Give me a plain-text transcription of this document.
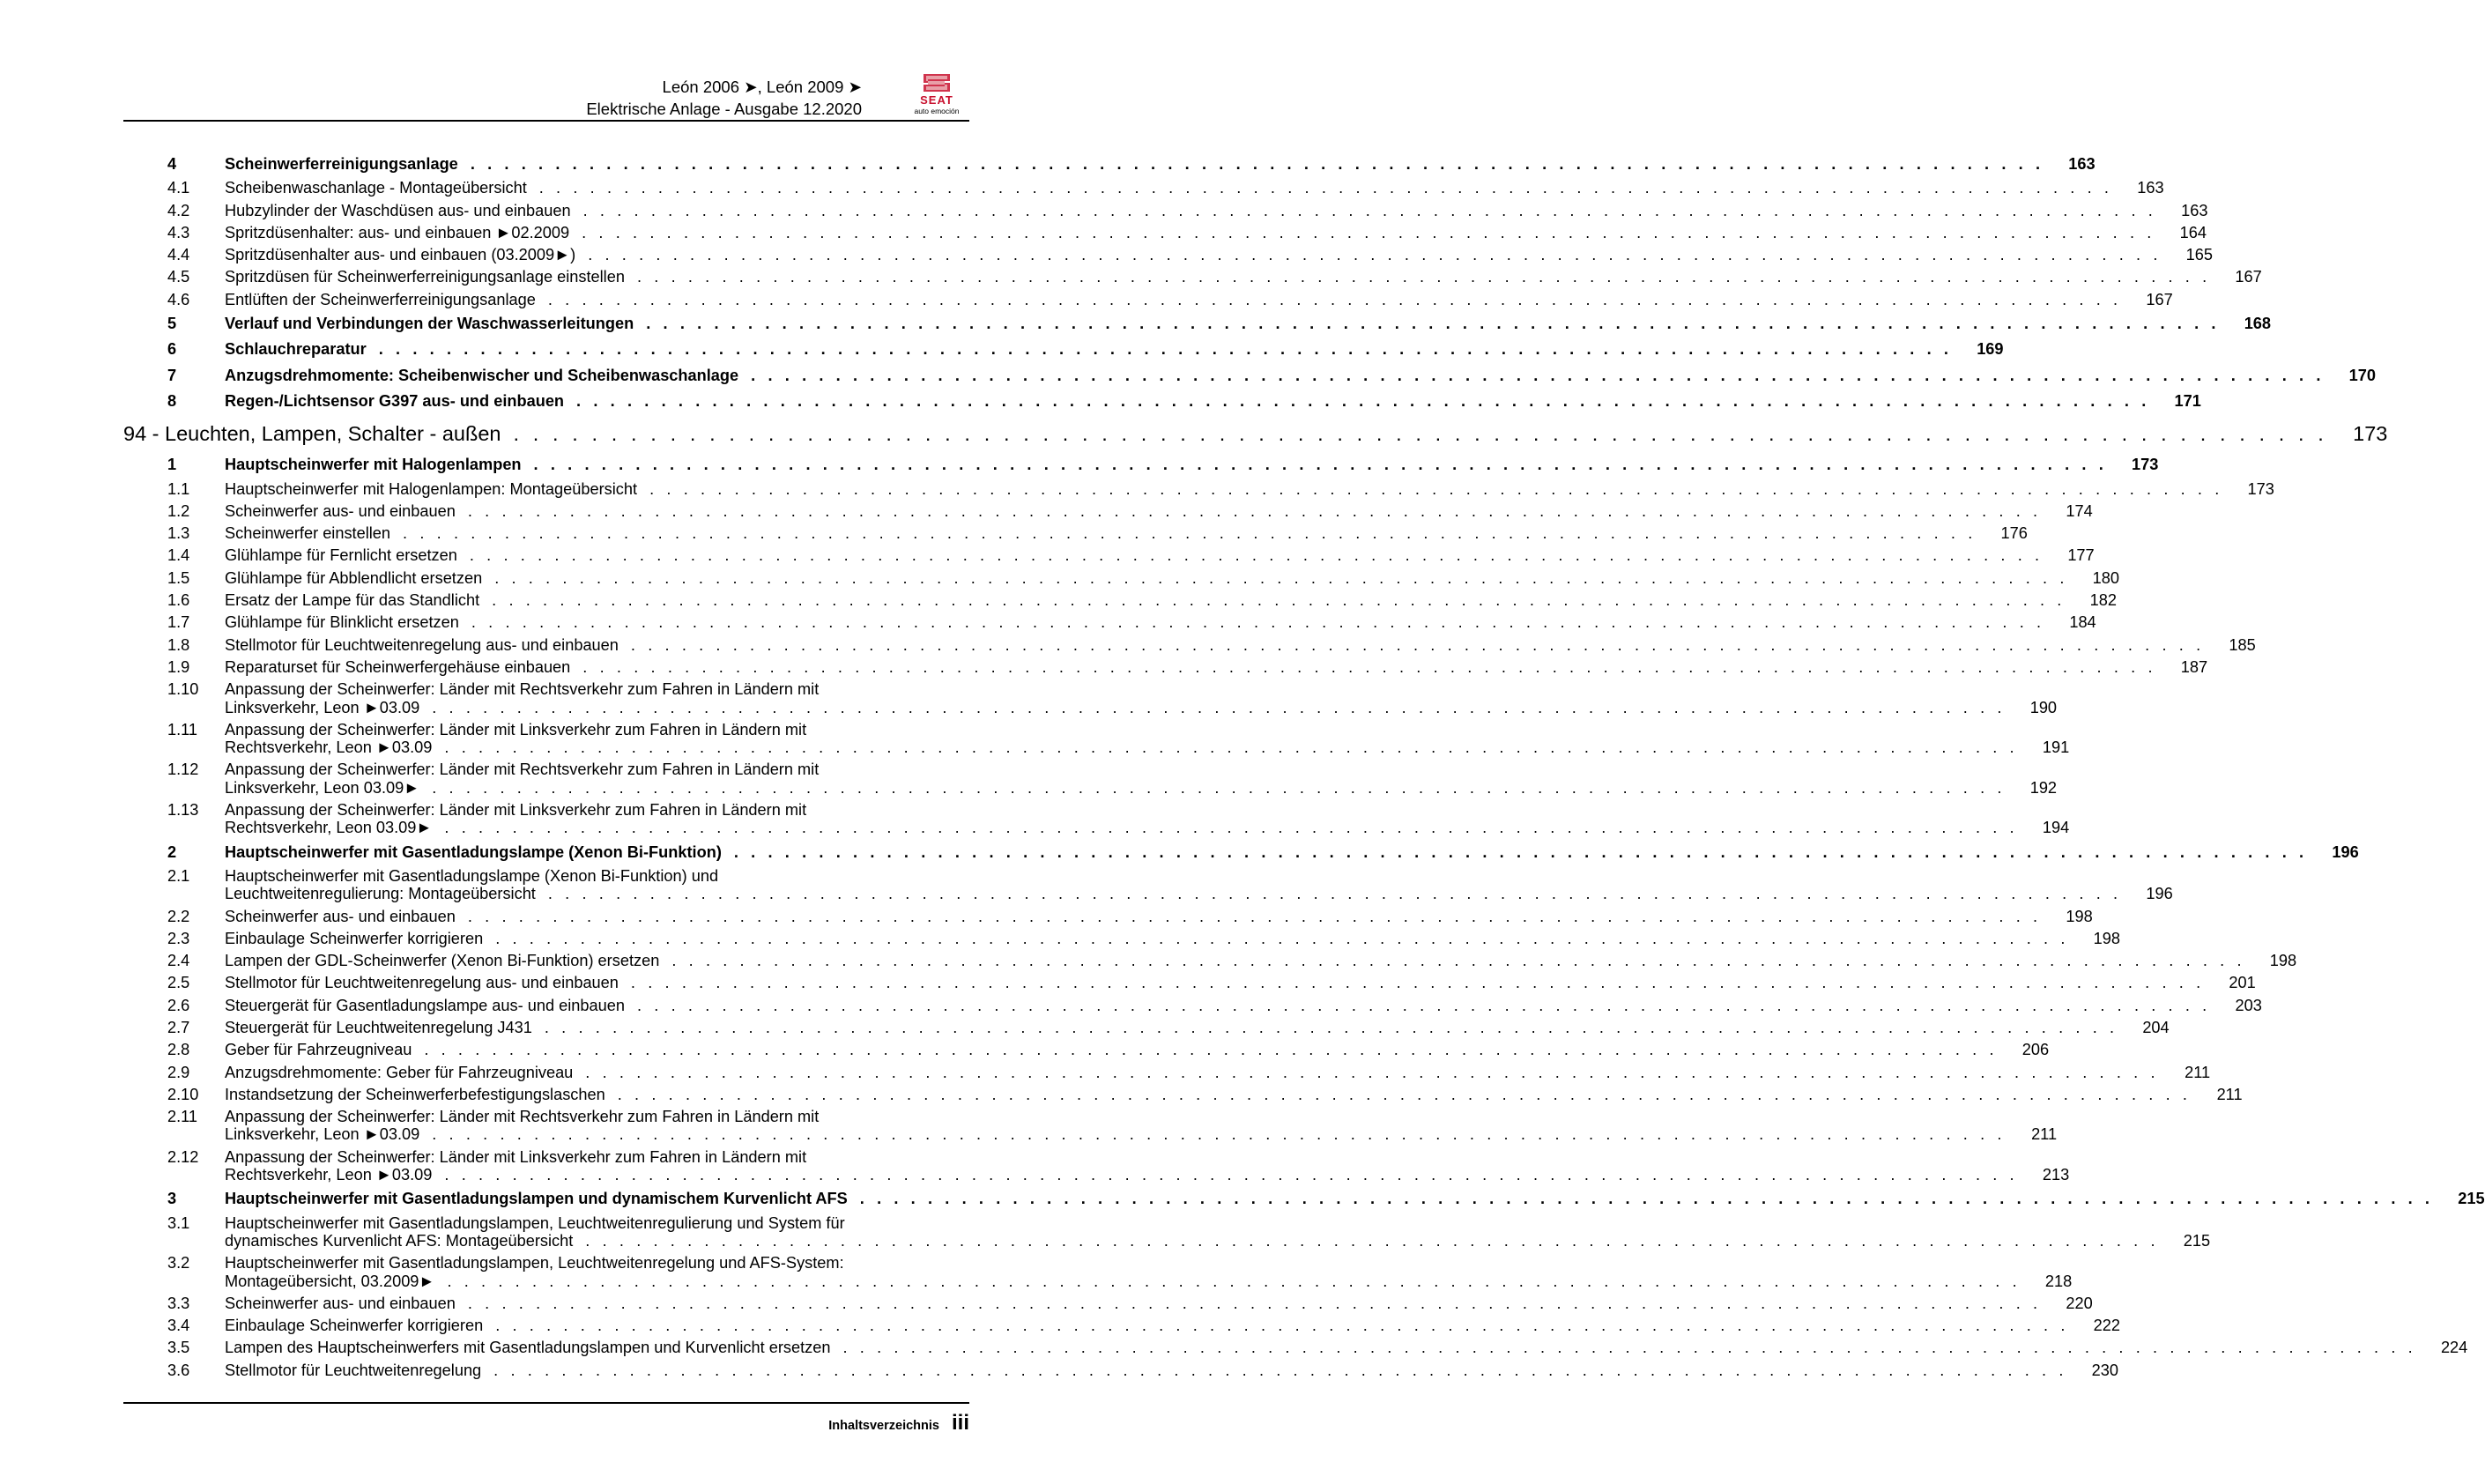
León 2006 ➤, León 2009 ➤
Elektrische Anlage - Ausgabe 12.2020	SEAT
auto emoción
4	Scheinwerferreinigungsanlage . . . . . . . . . . . . . . . . . . . . . . . . . . . . . . . . . . . . . . . . . . . . . . . . . . . . . . . . . . . . . . . . . . . . . . . . . . . . . . . . . . . . . . . . . . . . .	163
4.1	Scheibenwaschanlage - Montageübersicht . . . . . . . . . . . . . . . . . . . . . . . . . . . . . . . . . . . . . . . . . . . . . . . . . . . . . . . . . . . . . . . . . . . . . . . . . . . . . . . . . . . . . . . . . . . . .	163
4.2	Hubzylinder der Waschdüsen aus- und einbauen . . . . . . . . . . . . . . . . . . . . . . . . . . . . . . . . . . . . . . . . . . . . . . . . . . . . . . . . . . . . . . . . . . . . . . . . . . . . . . . . . . . . . . . . . . . . .	163
4.3	Spritzdüsenhalter: aus- und einbauen ►02.2009 . . . . . . . . . . . . . . . . . . . . . . . . . . . . . . . . . . . . . . . . . . . . . . . . . . . . . . . . . . . . . . . . . . . . . . . . . . . . . . . . . . . . . . . . . . . . .	164
4.4	Spritzdüsenhalter aus- und einbauen (03.2009►) . . . . . . . . . . . . . . . . . . . . . . . . . . . . . . . . . . . . . . . . . . . . . . . . . . . . . . . . . . . . . . . . . . . . . . . . . . . . . . . . . . . . . . . . . . . . .	165
4.5	Spritzdüsen für Scheinwerferreinigungsanlage einstellen . . . . . . . . . . . . . . . . . . . . . . . . . . . . . . . . . . . . . . . . . . . . . . . . . . . . . . . . . . . . . . . . . . . . . . . . . . . . . . . . . . . . . . . . . . . . .	167
4.6	Entlüften der Scheinwerferreinigungsanlage . . . . . . . . . . . . . . . . . . . . . . . . . . . . . . . . . . . . . . . . . . . . . . . . . . . . . . . . . . . . . . . . . . . . . . . . . . . . . . . . . . . . . . . . . . . . .	167
5	Verlauf und Verbindungen der Waschwasserleitungen . . . . . . . . . . . . . . . . . . . . . . . . . . . . . . . . . . . . . . . . . . . . . . . . . . . . . . . . . . . . . . . . . . . . . . . . . . . . . . . . . . . . . . . . . . . . .	168
6	Schlauchreparatur . . . . . . . . . . . . . . . . . . . . . . . . . . . . . . . . . . . . . . . . . . . . . . . . . . . . . . . . . . . . . . . . . . . . . . . . . . . . . . . . . . . . . . . . . . . . .	169
7	Anzugsdrehmomente: Scheibenwischer und Scheibenwaschanlage . . . . . . . . . . . . . . . . . . . . . . . . . . . . . . . . . . . . . . . . . . . . . . . . . . . . . . . . . . . . . . . . . . . . . . . . . . . . . . . . . . . . . . . . . . . . .	170
8	Regen-/Lichtsensor G397 aus- und einbauen . . . . . . . . . . . . . . . . . . . . . . . . . . . . . . . . . . . . . . . . . . . . . . . . . . . . . . . . . . . . . . . . . . . . . . . . . . . . . . . . . . . . . . . . . . . . .	171
94 - Leuchten, Lampen, Schalter - außen . . . . . . . . . . . . . . . . . . . . . . . . . . . . . . . . . . . . . . . . . . . . . . . . . . . . . . . . . . . . . . . . . . . . . . . . . . . . . . . . . . . . . . . . . . . . .	173
1	Hauptscheinwerfer mit Halogenlampen . . . . . . . . . . . . . . . . . . . . . . . . . . . . . . . . . . . . . . . . . . . . . . . . . . . . . . . . . . . . . . . . . . . . . . . . . . . . . . . . . . . . . . . . . . . . .	173
1.1	Hauptscheinwerfer mit Halogenlampen: Montageübersicht . . . . . . . . . . . . . . . . . . . . . . . . . . . . . . . . . . . . . . . . . . . . . . . . . . . . . . . . . . . . . . . . . . . . . . . . . . . . . . . . . . . . . . . . . . . . .	173
1.2	Scheinwerfer aus- und einbauen . . . . . . . . . . . . . . . . . . . . . . . . . . . . . . . . . . . . . . . . . . . . . . . . . . . . . . . . . . . . . . . . . . . . . . . . . . . . . . . . . . . . . . . . . . . . .	174
1.3	Scheinwerfer einstellen . . . . . . . . . . . . . . . . . . . . . . . . . . . . . . . . . . . . . . . . . . . . . . . . . . . . . . . . . . . . . . . . . . . . . . . . . . . . . . . . . . . . . . . . . . . . .	176
1.4	Glühlampe für Fernlicht ersetzen . . . . . . . . . . . . . . . . . . . . . . . . . . . . . . . . . . . . . . . . . . . . . . . . . . . . . . . . . . . . . . . . . . . . . . . . . . . . . . . . . . . . . . . . . . . . .	177
1.5	Glühlampe für Abblendlicht ersetzen . . . . . . . . . . . . . . . . . . . . . . . . . . . . . . . . . . . . . . . . . . . . . . . . . . . . . . . . . . . . . . . . . . . . . . . . . . . . . . . . . . . . . . . . . . . . .	180
1.6	Ersatz der Lampe für das Standlicht . . . . . . . . . . . . . . . . . . . . . . . . . . . . . . . . . . . . . . . . . . . . . . . . . . . . . . . . . . . . . . . . . . . . . . . . . . . . . . . . . . . . . . . . . . . . .	182
1.7	Glühlampe für Blinklicht ersetzen . . . . . . . . . . . . . . . . . . . . . . . . . . . . . . . . . . . . . . . . . . . . . . . . . . . . . . . . . . . . . . . . . . . . . . . . . . . . . . . . . . . . . . . . . . . . .	184
1.8	Stellmotor für Leuchtweitenregelung aus- und einbauen . . . . . . . . . . . . . . . . . . . . . . . . . . . . . . . . . . . . . . . . . . . . . . . . . . . . . . . . . . . . . . . . . . . . . . . . . . . . . . . . . . . . . . . . . . . . .	185
1.9	Reparaturset für Scheinwerfergehäuse einbauen . . . . . . . . . . . . . . . . . . . . . . . . . . . . . . . . . . . . . . . . . . . . . . . . . . . . . . . . . . . . . . . . . . . . . . . . . . . . . . . . . . . . . . . . . . . . .	187
1.10	Anpassung der Scheinwerfer: Länder mit Rechtsverkehr zum Fahren in Ländern mit
Linksverkehr, Leon ►03.09 . . . . . . . . . . . . . . . . . . . . . . . . . . . . . . . . . . . . . . . . . . . . . . . . . . . . . . . . . . . . . . . . . . . . . . . . . . . . . . . . . . . . . . . . . . . . .	190
1.11	Anpassung der Scheinwerfer: Länder mit Linksverkehr zum Fahren in Ländern mit
Rechtsverkehr, Leon ►03.09 . . . . . . . . . . . . . . . . . . . . . . . . . . . . . . . . . . . . . . . . . . . . . . . . . . . . . . . . . . . . . . . . . . . . . . . . . . . . . . . . . . . . . . . . . . . . .	191
1.12	Anpassung der Scheinwerfer: Länder mit Rechtsverkehr zum Fahren in Ländern mit
Linksverkehr, Leon 03.09► . . . . . . . . . . . . . . . . . . . . . . . . . . . . . . . . . . . . . . . . . . . . . . . . . . . . . . . . . . . . . . . . . . . . . . . . . . . . . . . . . . . . . . . . . . . . .	192
1.13	Anpassung der Scheinwerfer: Länder mit Linksverkehr zum Fahren in Ländern mit
Rechtsverkehr, Leon 03.09► . . . . . . . . . . . . . . . . . . . . . . . . . . . . . . . . . . . . . . . . . . . . . . . . . . . . . . . . . . . . . . . . . . . . . . . . . . . . . . . . . . . . . . . . . . . . .	194
2	Hauptscheinwerfer mit Gasentladungslampe (Xenon Bi-Funktion) . . . . . . . . . . . . . . . . . . . . . . . . . . . . . . . . . . . . . . . . . . . . . . . . . . . . . . . . . . . . . . . . . . . . . . . . . . . . . . . . . . . . . . . . . . . . .	196
2.1	Hauptscheinwerfer mit Gasentladungslampe (Xenon Bi-Funktion) und
Leuchtweitenregulierung: Montageübersicht . . . . . . . . . . . . . . . . . . . . . . . . . . . . . . . . . . . . . . . . . . . . . . . . . . . . . . . . . . . . . . . . . . . . . . . . . . . . . . . . . . . . . . . . . . . . .	196
2.2	Scheinwerfer aus- und einbauen . . . . . . . . . . . . . . . . . . . . . . . . . . . . . . . . . . . . . . . . . . . . . . . . . . . . . . . . . . . . . . . . . . . . . . . . . . . . . . . . . . . . . . . . . . . . .	198
2.3	Einbaulage Scheinwerfer korrigieren . . . . . . . . . . . . . . . . . . . . . . . . . . . . . . . . . . . . . . . . . . . . . . . . . . . . . . . . . . . . . . . . . . . . . . . . . . . . . . . . . . . . . . . . . . . . .	198
2.4	Lampen der GDL-Scheinwerfer (Xenon Bi-Funktion) ersetzen . . . . . . . . . . . . . . . . . . . . . . . . . . . . . . . . . . . . . . . . . . . . . . . . . . . . . . . . . . . . . . . . . . . . . . . . . . . . . . . . . . . . . . . . . . . . .	198
2.5	Stellmotor für Leuchtweitenregelung aus- und einbauen . . . . . . . . . . . . . . . . . . . . . . . . . . . . . . . . . . . . . . . . . . . . . . . . . . . . . . . . . . . . . . . . . . . . . . . . . . . . . . . . . . . . . . . . . . . . .	201
2.6	Steuergerät für Gasentladungslampe aus- und einbauen . . . . . . . . . . . . . . . . . . . . . . . . . . . . . . . . . . . . . . . . . . . . . . . . . . . . . . . . . . . . . . . . . . . . . . . . . . . . . . . . . . . . . . . . . . . . .	203
2.7	Steuergerät für Leuchtweitenregelung J431 . . . . . . . . . . . . . . . . . . . . . . . . . . . . . . . . . . . . . . . . . . . . . . . . . . . . . . . . . . . . . . . . . . . . . . . . . . . . . . . . . . . . . . . . . . . . .	204
2.8	Geber für Fahrzeugniveau . . . . . . . . . . . . . . . . . . . . . . . . . . . . . . . . . . . . . . . . . . . . . . . . . . . . . . . . . . . . . . . . . . . . . . . . . . . . . . . . . . . . . . . . . . . . .	206
2.9	Anzugsdrehmomente: Geber für Fahrzeugniveau . . . . . . . . . . . . . . . . . . . . . . . . . . . . . . . . . . . . . . . . . . . . . . . . . . . . . . . . . . . . . . . . . . . . . . . . . . . . . . . . . . . . . . . . . . . . .	211
2.10	Instandsetzung der Scheinwerferbefestigungslaschen . . . . . . . . . . . . . . . . . . . . . . . . . . . . . . . . . . . . . . . . . . . . . . . . . . . . . . . . . . . . . . . . . . . . . . . . . . . . . . . . . . . . . . . . . . . . .	211
2.11	Anpassung der Scheinwerfer: Länder mit Rechtsverkehr zum Fahren in Ländern mit
Linksverkehr, Leon ►03.09 . . . . . . . . . . . . . . . . . . . . . . . . . . . . . . . . . . . . . . . . . . . . . . . . . . . . . . . . . . . . . . . . . . . . . . . . . . . . . . . . . . . . . . . . . . . . .	211
2.12	Anpassung der Scheinwerfer: Länder mit Linksverkehr zum Fahren in Ländern mit
Rechtsverkehr, Leon ►03.09 . . . . . . . . . . . . . . . . . . . . . . . . . . . . . . . . . . . . . . . . . . . . . . . . . . . . . . . . . . . . . . . . . . . . . . . . . . . . . . . . . . . . . . . . . . . . .	213
3	Hauptscheinwerfer mit Gasentladungslampen und dynamischem Kurvenlicht AFS . . . . . . . . . . . . . . . . . . . . . . . . . . . . . . . . . . . . . . . . . . . . . . . . . . . . . . . . . . . . . . . . . . . . . . . . . . . . . . . . . . . . . . . . . . . . .	215
3.1	Hauptscheinwerfer mit Gasentladungslampen, Leuchtweitenregulierung und System für
dynamisches Kurvenlicht AFS: Montageübersicht . . . . . . . . . . . . . . . . . . . . . . . . . . . . . . . . . . . . . . . . . . . . . . . . . . . . . . . . . . . . . . . . . . . . . . . . . . . . . . . . . . . . . . . . . . . . .	215
3.2	Hauptscheinwerfer mit Gasentladungslampen, Leuchtweitenregelung und AFS-System:
Montageübersicht, 03.2009► . . . . . . . . . . . . . . . . . . . . . . . . . . . . . . . . . . . . . . . . . . . . . . . . . . . . . . . . . . . . . . . . . . . . . . . . . . . . . . . . . . . . . . . . . . . . .	218
3.3	Scheinwerfer aus- und einbauen . . . . . . . . . . . . . . . . . . . . . . . . . . . . . . . . . . . . . . . . . . . . . . . . . . . . . . . . . . . . . . . . . . . . . . . . . . . . . . . . . . . . . . . . . . . . .	220
3.4	Einbaulage Scheinwerfer korrigieren . . . . . . . . . . . . . . . . . . . . . . . . . . . . . . . . . . . . . . . . . . . . . . . . . . . . . . . . . . . . . . . . . . . . . . . . . . . . . . . . . . . . . . . . . . . . .	222
3.5	Lampen des Hauptscheinwerfers mit Gasentladungslampen und Kurvenlicht ersetzen . . . . . . . . . . . . . . . . . . . . . . . . . . . . . . . . . . . . . . . . . . . . . . . . . . . . . . . . . . . . . . . . . . . . . . . . . . . . . . . . . . . . . . . . . . . . .	224
3.6	Stellmotor für Leuchtweitenregelung . . . . . . . . . . . . . . . . . . . . . . . . . . . . . . . . . . . . . . . . . . . . . . . . . . . . . . . . . . . . . . . . . . . . . . . . . . . . . . . . . . . . . . . . . . . . .	230
Inhaltsverzeichnis iii
